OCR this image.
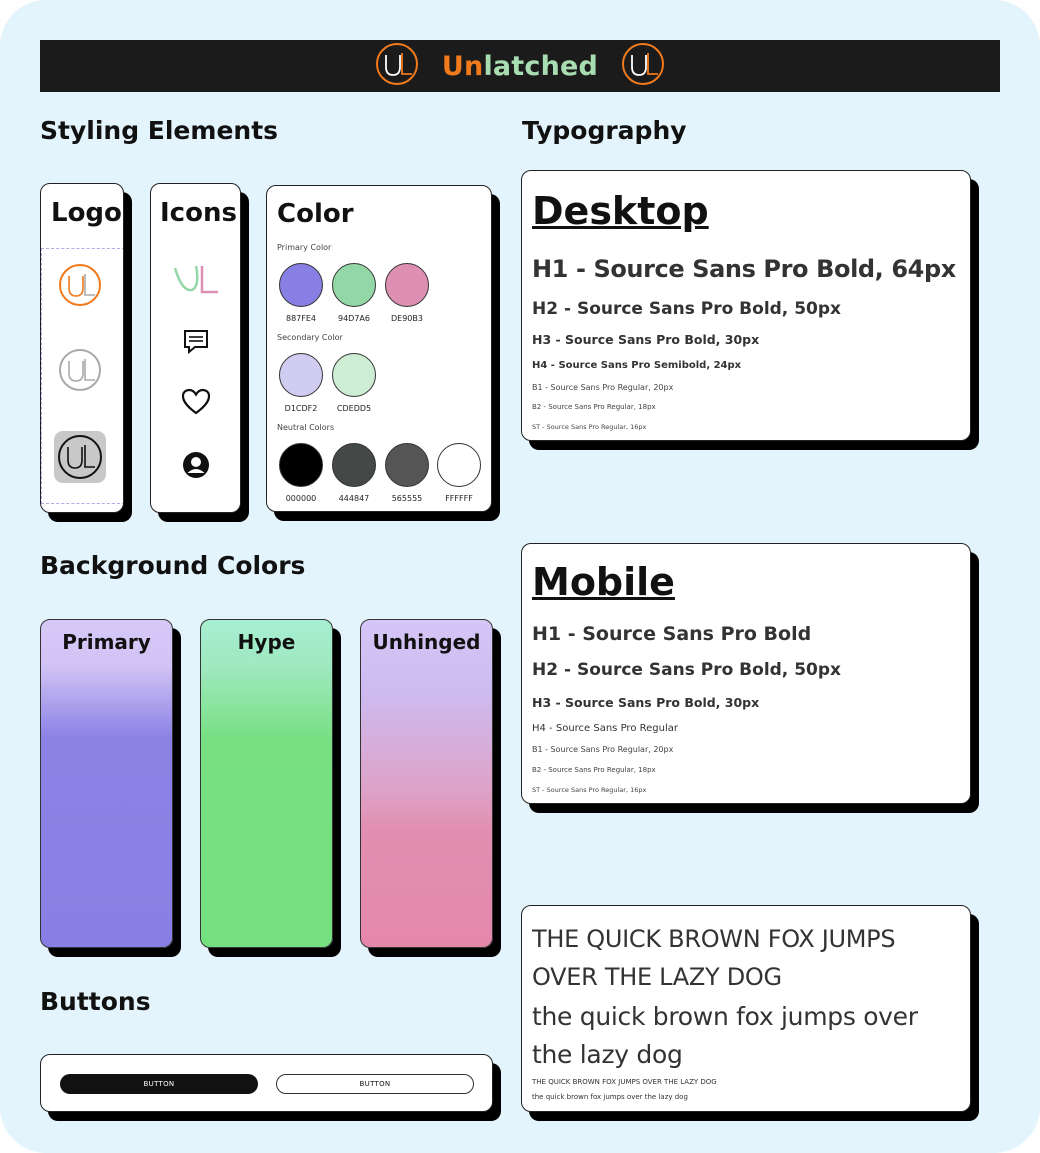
Unlatched
Styling Elements	Typography
Background Colors
Buttons
Logo Icons Color
Primary Color
887FE4	94D7A6	DE90B3
Secondary Color
D1CDF2	CDEDD5
Neutral Colors
000000	444847	565555	FFFFFF
Desktop
H1 - Source Sans Pro Bold, 64px
H2 - Source Sans Pro Bold, 50px
H3 - Source Sans Pro Bold, 30px
H4 - Source Sans Pro Semibold, 24px
B1 - Source Sans Pro Regular, 20px
B2 - Source Sans Pro Regular, 18px
ST - Source Sans Pro Regular, 16px
Mobile
H1 - Source Sans Pro Bold
H2 - Source Sans Pro Bold, 50px
H3 - Source Sans Pro Bold, 30px
H4 - Source Sans Pro Regular
B1 - Source Sans Pro Regular, 20px
B2 - Source Sans Pro Regular, 18px
ST - Source Sans Pro Regular, 16px
THE QUICK BROWN FOX JUMPS OVER THE LAZY DOG
the quick brown fox jumps over the lazy dog
THE QUICK BROWN FOX JUMPS OVER THE LAZY DOG
the quick brown fox jumps over the lazy dog
Primary	Hype	Unhinged
BUTTON	BUTTON
